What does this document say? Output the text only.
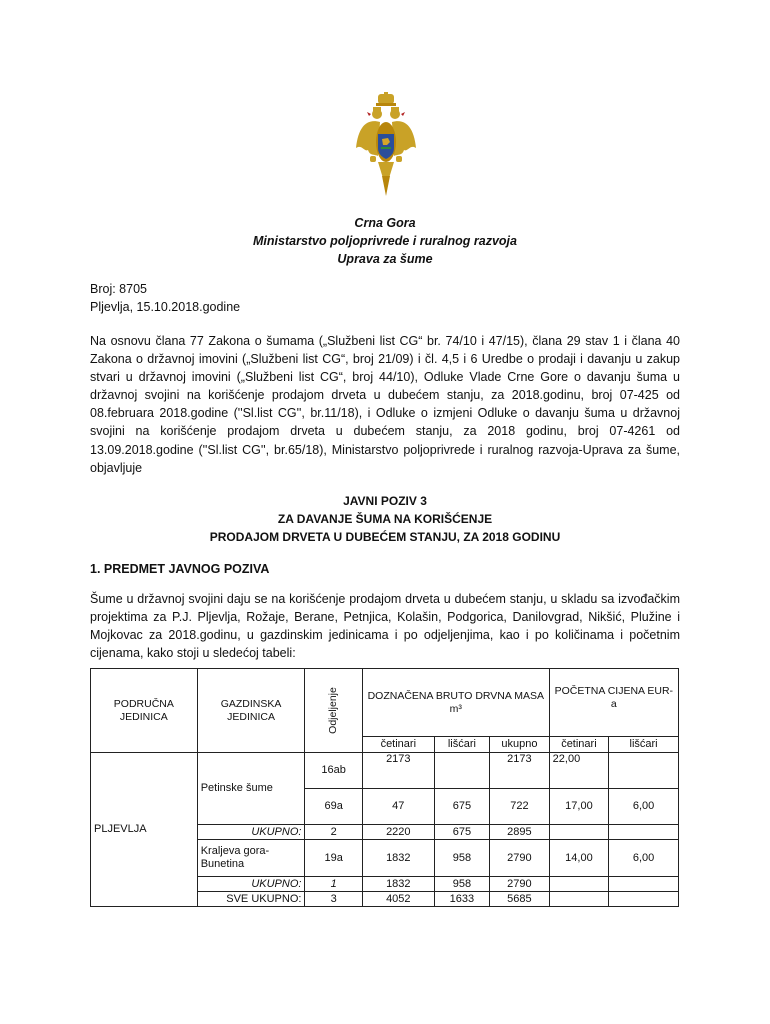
Crna Gora
Ministarstvo poljoprivrede i ruralnog razvoja
Uprava za šume
Broj: 8705
Pljevlja, 15.10.2018.godine
Na osnovu člana 77 Zakona o šumama („Službeni list CG“ br. 74/10 i 47/15), člana 29 stav 1 i člana 40 Zakona o državnoj imovini („Službeni list CG“, broj 21/09) i čl. 4,5 i 6 Uredbe o prodaji i davanju u zakup stvari u državnoj imovini („Službeni list CG“, broj 44/10), Odluke Vlade Crne Gore o davanju šuma u državnoj svojini na korišćenje prodajom drveta u dubećem stanju, za 2018.godinu, broj 07-425 od 08.februara 2018.godine (''Sl.list CG'', br.11/18), i Odluke o izmjeni Odluke o davanju šuma u državnoj svojini na korišćenje prodajom drveta u dubećem stanju, za 2018 godinu, broj 07-4261 od 13.09.2018.godine (''Sl.list CG'', br.65/18), Ministarstvo poljoprivrede i ruralnog razvoja-Uprava za šume, objavljuje
JAVNI POZIV 3
ZA DAVANJE ŠUMA NA KORIŠĆENJE
PRODAJOM DRVETA U DUBEĆEM STANJU, ZA 2018 GODINU
1. PREDMET JAVNOG POZIVA
Šume u državnoj svojini daju se na korišćenje prodajom drveta u dubećem stanju, u skladu sa izvođačkim projektima za P.J. Pljevlja, Rožaje, Berane, Petnjica, Kolašin, Podgorica, Danilovgrad, Nikšić, Plužine i Mojkovac za 2018.godinu, u gazdinskim jedinicama i po odjeljenjima, kao i po količinama i početnim cijenama, kako stoji u sledećoj tabeli:
PODRUČNA JEDINICA	GAZDINSKA JEDINICA	Odjeljenje	DOZNAČENA BRUTO DRVNA MASA m³			POČETNA CIJENA EUR-a	
			četinari	lišćari	ukupno	četinari	lišćari
PLJEVLJA	Petinske šume	16ab	2173		2173	22,00	
		69a	47	675	722	17,00	6,00
	UKUPNO:	2	2220	675	2895		
	Kraljeva gora-Bunetina	19a	1832	958	2790	14,00	6,00
	UKUPNO:	1	1832	958	2790		
	SVE UKUPNO:	3	4052	1633	5685		
